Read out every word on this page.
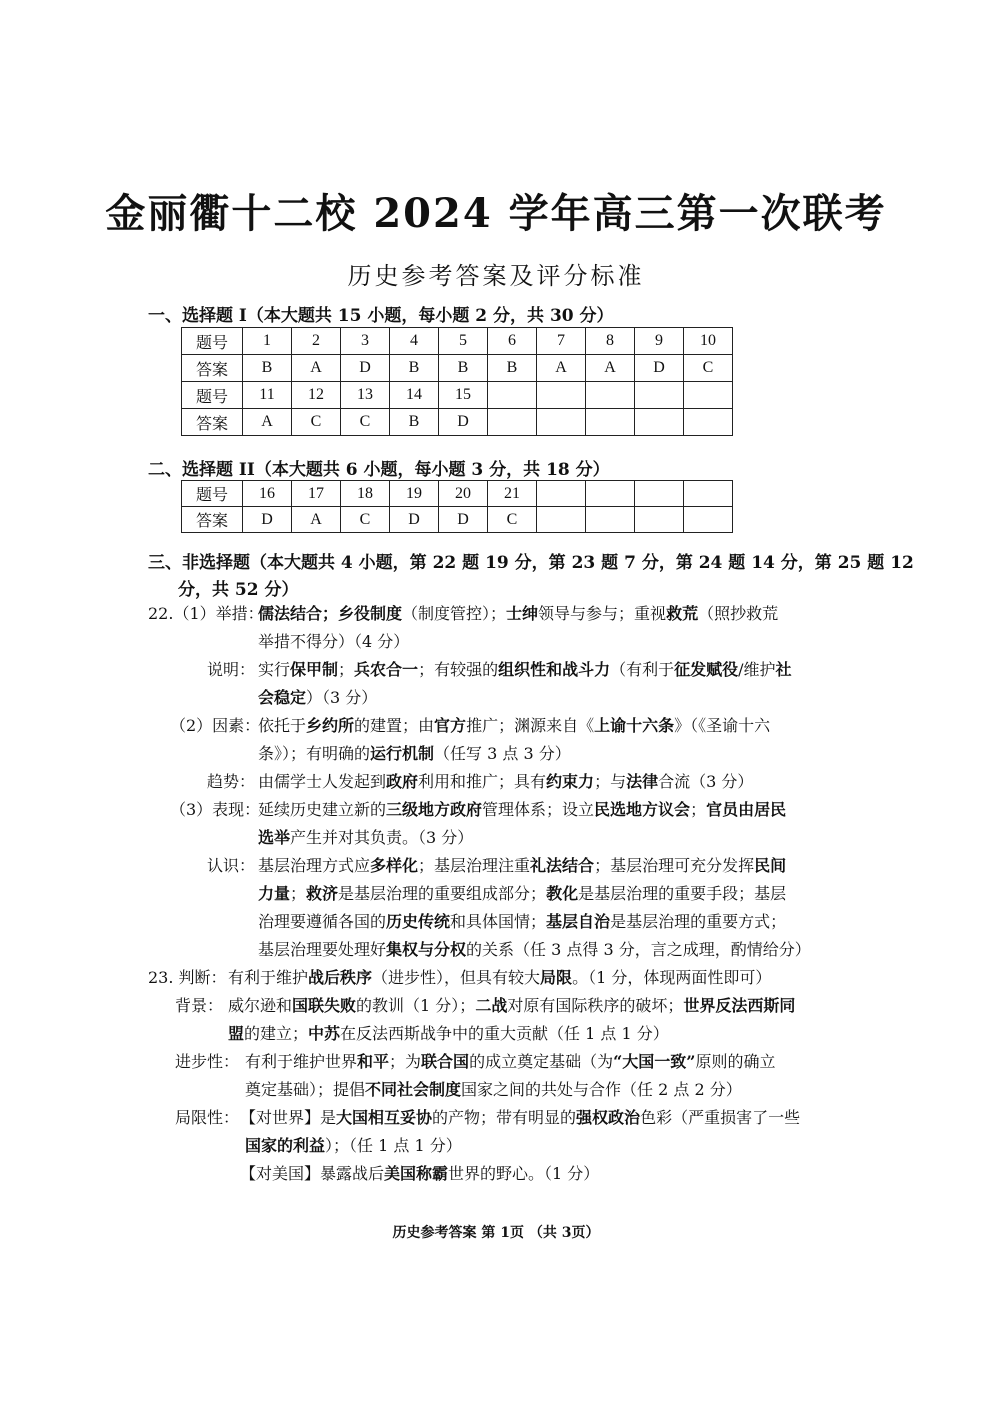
金丽衢十二校 2024 学年高三第一次联考
历史参考答案及评分标准
一、选择题 I（本大题共 15 小题，每小题 2 分，共 30 分）
题号	1	2	3	4	5	6	7	8	9	10
答案	B	A	D	B	B	B	A	A	D	C
题号	11	12	13	14	15					
答案	A	C	C	B	D					
二、选择题 II（本大题共 6 小题，每小题 3 分，共 18 分）
题号	16	17	18	19	20	21				
答案	D	A	C	D	D	C				
三、非选择题（本大题共 4 小题，第 22 题 19 分，第 23 题 7 分，第 24 题 14 分，第 25 题 12
分，共 52 分）
22.（1）举措：
儒法结合；乡役制度（制度管控）；士绅领导与参与；重视救荒（照抄救荒
举措不得分）（4 分）
说明： 实行保甲制；兵农合一；有较强的组织性和战斗力（有利于征发赋役/维护社
会稳定）（3 分）
（2）因素：
依托于乡约所的建置；由官方推广；渊源来自《上谕十六条》（《圣谕十六
条》）；有明确的运行机制（任写 3 点 3 分）
趋势： 由儒学士人发起到政府利用和推广；具有约束力；与法律合流（3 分）
（3）表现：
延续历史建立新的三级地方政府管理体系；设立民选地方议会；官员由居民
选举产生并对其负责。（3 分）
认识： 基层治理方式应多样化；基层治理注重礼法结合；基层治理可充分发挥民间
力量；救济是基层治理的重要组成部分；教化是基层治理的重要手段；基层
治理要遵循各国的历史传统和具体国情；基层自治是基层治理的重要方式；
基层治理要处理好集权与分权的关系（任 3 点得 3 分，言之成理，酌情给分）
23. 判断： 有利于维护战后秩序（进步性），但具有较大局限。（1 分，体现两面性即可）
背景： 威尔逊和国联失败的教训（1 分）；二战对原有国际秩序的破坏；世界反法西斯同
盟的建立；中苏在反法西斯战争中的重大贡献（任 1 点 1 分）
进步性： 有利于维护世界和平；为联合国的成立奠定基础（为“大国一致”原则的确立
奠定基础）；提倡不同社会制度国家之间的共处与合作（任 2 点 2 分）
局限性： 【对世界】是大国相互妥协的产物；带有明显的强权政治色彩（严重损害了一些
国家的利益）；（任 1 点 1 分）
【对美国】暴露战后美国称霸世界的野心。（1 分）
历史参考答案 第 1页 （共 3页）
